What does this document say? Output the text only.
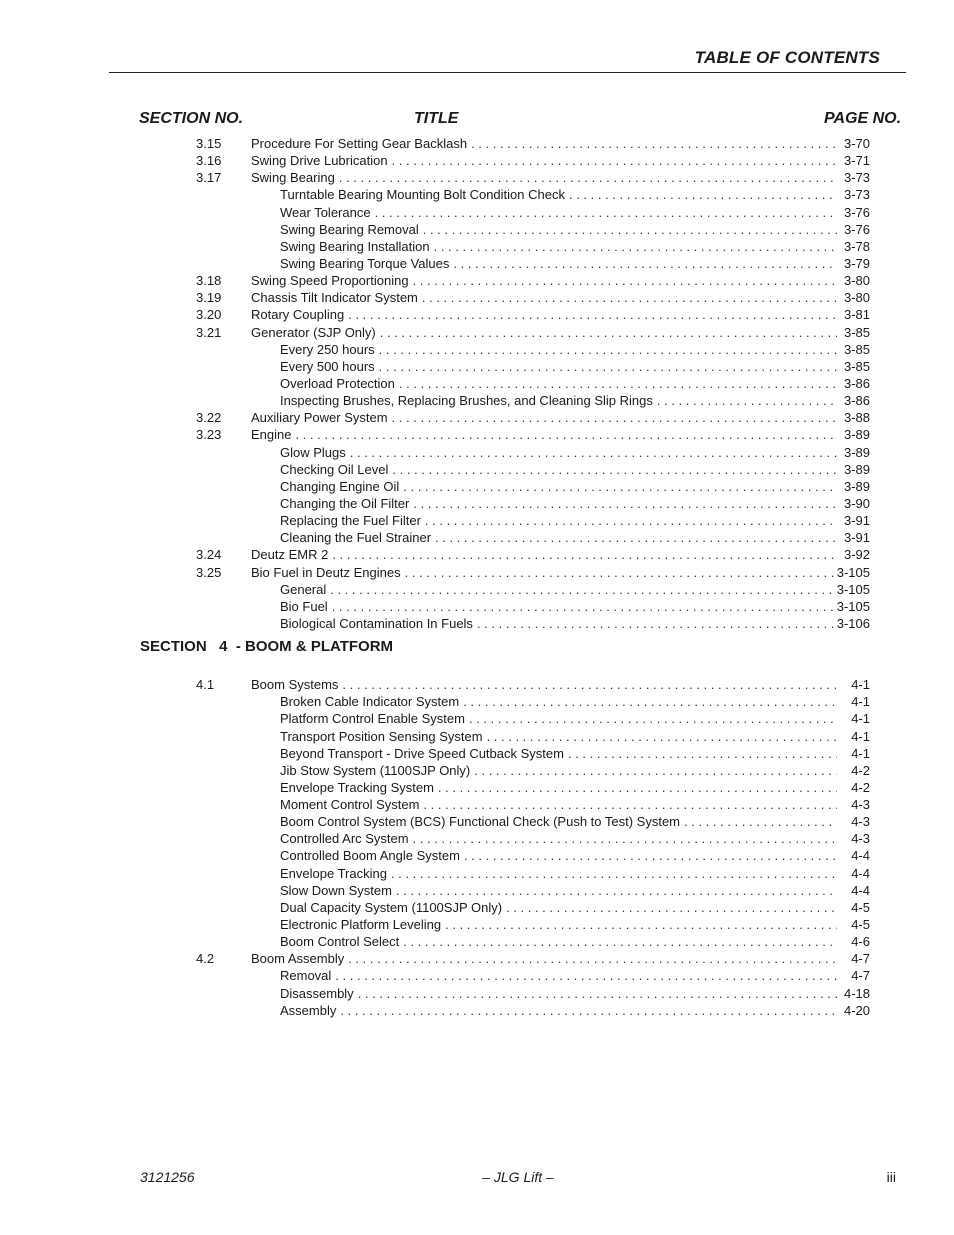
TABLE OF CONTENTS
SECTION NO.	TITLE	PAGE NO.
3.15 Procedure For Setting Gear Backlash . . .	3-70
3.16 Swing Drive Lubrication . . .	3-71
3.17 Swing Bearing . . .	3-73
Turntable Bearing Mounting Bolt Condition Check . . .	3-73
Wear Tolerance . . .	3-76
Swing Bearing Removal . . .	3-76
Swing Bearing Installation . . .	3-78
Swing Bearing Torque Values . . .	3-79
3.18 Swing Speed Proportioning . . .	3-80
3.19 Chassis Tilt Indicator System . . .	3-80
3.20 Rotary Coupling . . .	3-81
3.21 Generator (SJP Only) . . .	3-85
Every 250 hours . . .	3-85
Every 500 hours . . .	3-85
Overload Protection . . .	3-86
Inspecting Brushes, Replacing Brushes, and Cleaning Slip Rings . . .	3-86
3.22 Auxiliary Power System . . .	3-88
3.23 Engine . . .	3-89
Glow Plugs . . .	3-89
Checking Oil Level . . .	3-89
Changing Engine Oil . . .	3-89
Changing the Oil Filter . . .	3-90
Replacing the Fuel Filter . . .	3-91
Cleaning the Fuel Strainer . . .	3-91
3.24 Deutz EMR 2 . . .	3-92
3.25 Bio Fuel in Deutz Engines . . .	3-105
General . . .	3-105
Bio Fuel . . .	3-105
Biological Contamination In Fuels . . .	3-106
SECTION   4  - BOOM & PLATFORM
4.1	Boom Systems . . .	4-1
Broken Cable Indicator System . . .	4-1
Platform Control Enable System . . .	4-1
Transport Position Sensing System . . .	4-1
Beyond Transport - Drive Speed Cutback System . . .	4-1
Jib Stow System (1100SJP Only) . . .	4-2
Envelope Tracking System . . .	4-2
Moment Control System . . .	4-3
Boom Control System (BCS) Functional Check (Push to Test) System . . .	4-3
Controlled Arc System . . .	4-3
Controlled Boom Angle System . . .	4-4
Envelope Tracking . . .	4-4
Slow Down System . . .	4-4
Dual Capacity System (1100SJP Only) . . .	4-5
Electronic Platform Leveling . . .	4-5
Boom Control Select . . .	4-6
4.2	Boom Assembly . . .	4-7
Removal . . .	4-7
Disassembly . . .	4-18
Assembly . . .	4-20
3121256	– JLG Lift –	iii
